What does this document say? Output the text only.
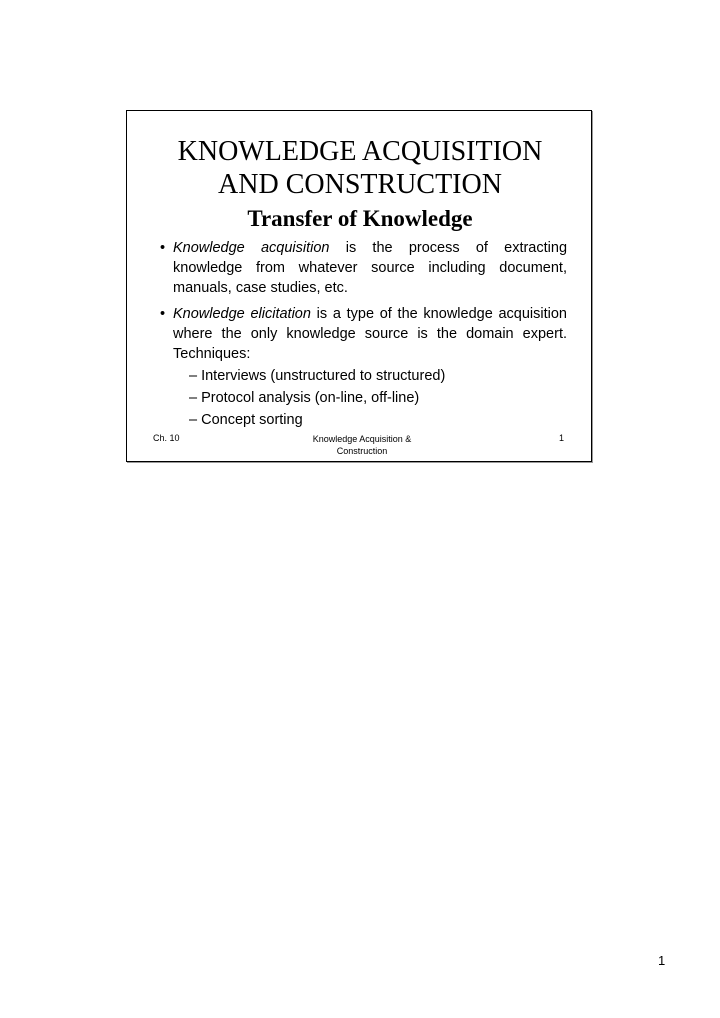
KNOWLEDGE ACQUISITION
AND CONSTRUCTION
Transfer of Knowledge
• Knowledge acquisition is the process of extracting knowledge from whatever source including document, manuals, case studies, etc.
• Knowledge elicitation is a type of the knowledge acquisition where the only knowledge source is the domain expert. Techniques:
– Interviews (unstructured to structured)
– Protocol analysis (on-line, off-line)
– Concept sorting
Ch. 10	Knowledge Acquisition &
Construction
1
1
